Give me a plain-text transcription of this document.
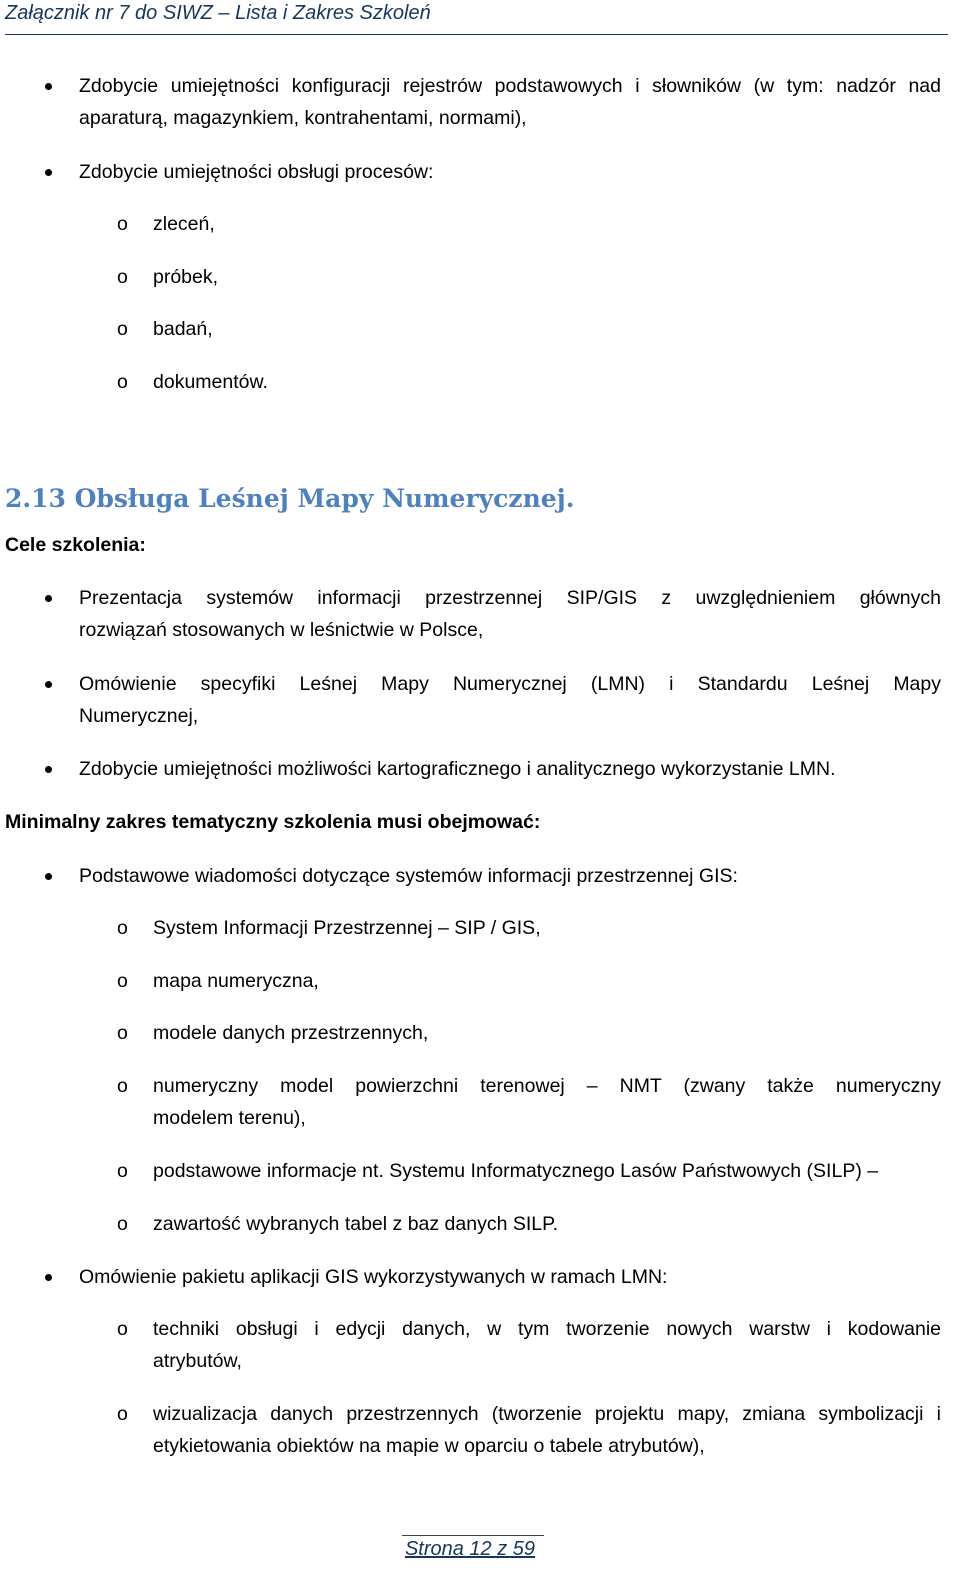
Załącznik nr 7 do SIWZ – Lista i Zakres Szkoleń
Zdobycie umiejętności konfiguracji rejestrów podstawowych i słowników (w tym: nadzór nad
aparaturą, magazynkiem, kontrahentami, normami),
Zdobycie umiejętności obsługi procesów:
o zleceń,
o próbek,
o badań,
o dokumentów.
2.13 Obsługa Leśnej Mapy Numerycznej.
Cele szkolenia:
Prezentacja systemów informacji przestrzennej SIP/GIS z uwzględnieniem głównych
rozwiązań stosowanych w leśnictwie w Polsce,
Omówienie specyfiki Leśnej Mapy Numerycznej (LMN) i Standardu Leśnej Mapy
Numerycznej,
Zdobycie umiejętności możliwości kartograficznego i analitycznego wykorzystanie LMN.
Minimalny zakres tematyczny szkolenia musi obejmować:
Podstawowe wiadomości dotyczące systemów informacji przestrzennej GIS:
o System Informacji Przestrzennej – SIP / GIS,
o mapa numeryczna,
o modele danych przestrzennych,
o numeryczny model powierzchni terenowej – NMT (zwany także numeryczny
modelem terenu),
o podstawowe informacje nt. Systemu Informatycznego Lasów Państwowych (SILP) –
o zawartość wybranych tabel z baz danych SILP.
Omówienie pakietu aplikacji GIS wykorzystywanych w ramach LMN:
o techniki obsługi i edycji danych, w tym tworzenie nowych warstw i kodowanie
atrybutów,
o wizualizacja danych przestrzennych (tworzenie projektu mapy, zmiana symbolizacji i
etykietowania obiektów na mapie w oparciu o tabele atrybutów),
Strona 12 z 59
